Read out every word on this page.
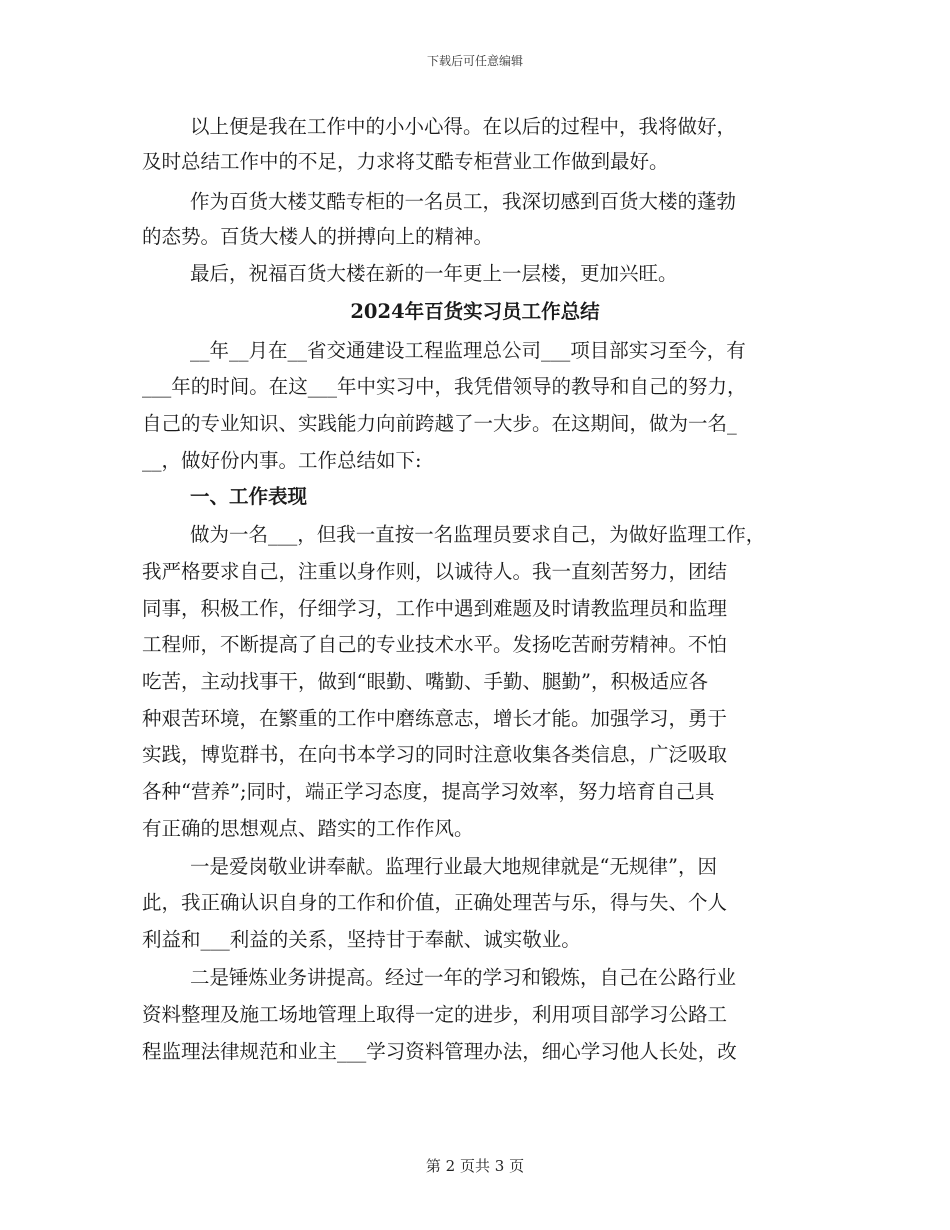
下载后可任意编辑
以上便是我在工作中的小小心得。在以后的过程中，我将做好，
及时总结工作中的不足，力求将艾酷专柜营业工作做到最好。
作为百货大楼艾酷专柜的一名员工，我深切感到百货大楼的蓬勃
的态势。百货大楼人的拼搏向上的精神。
最后，祝福百货大楼在新的一年更上一层楼，更加兴旺。
2024年百货实习员工作总结
__年__月在__省交通建设工程监理总公司___项目部实习至今，有
___年的时间。在这___年中实习中，我凭借领导的教导和自己的努力，
自己的专业知识、实践能力向前跨越了一大步。在这期间，做为一名_
__，做好份内事。工作总结如下:
一、工作表现
做为一名___，但我一直按一名监理员要求自己，为做好监理工作，
我严格要求自己，注重以身作则，以诚待人。我一直刻苦努力，团结
同事，积极工作，仔细学习，工作中遇到难题及时请教监理员和监理
工程师，不断提高了自己的专业技术水平。发扬吃苦耐劳精神。不怕
吃苦，主动找事干，做到“眼勤、嘴勤、手勤、腿勤”，积极适应各
种艰苦环境，在繁重的工作中磨练意志，增长才能。加强学习，勇于
实践，博览群书，在向书本学习的同时注意收集各类信息，广泛吸取
各种“营养”;同时，端正学习态度，提高学习效率，努力培育自己具
有正确的思想观点、踏实的工作作风。
一是爱岗敬业讲奉献。监理行业最大地规律就是“无规律”，因
此，我正确认识自身的工作和价值，正确处理苦与乐，得与失、个人
利益和___利益的关系，坚持甘于奉献、诚实敬业。
二是锤炼业务讲提高。经过一年的学习和锻炼，自己在公路行业
资料整理及施工场地管理上取得一定的进步，利用项目部学习公路工
程监理法律规范和业主___学习资料管理办法，细心学习他人长处，改
第 2 页共 3 页
